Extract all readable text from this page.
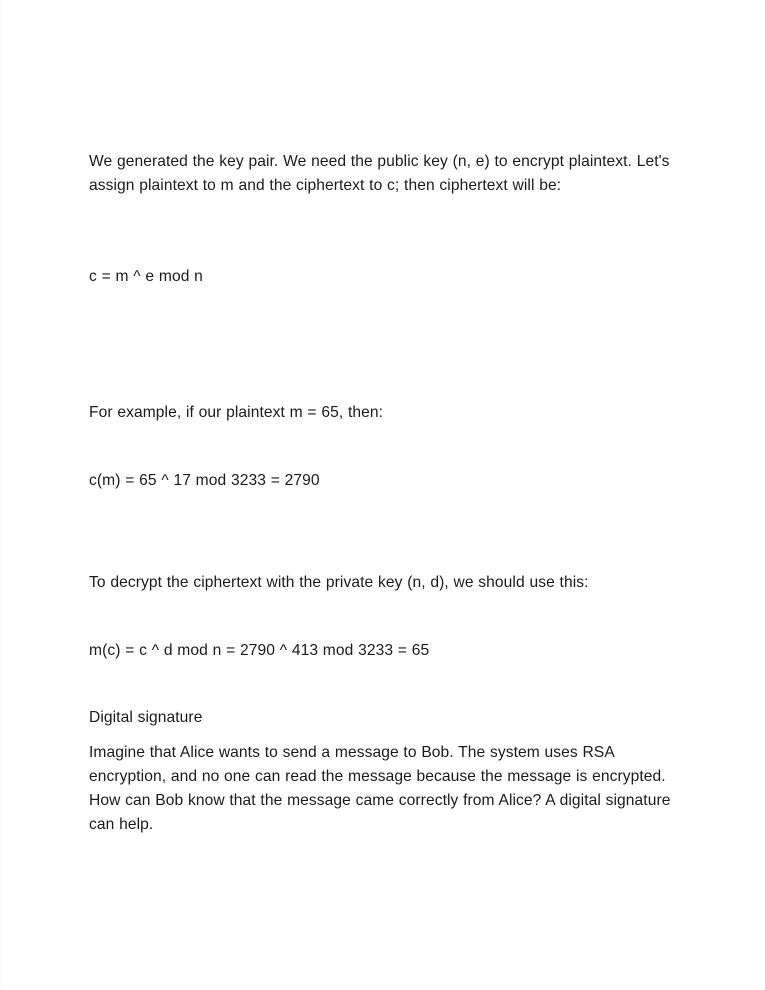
We generated the key pair. We need the public key (n, e) to encrypt plaintext. Let's assign plaintext to m and the ciphertext to c; then ciphertext will be:

c = m ^ e mod n

For example, if our plaintext m = 65, then:

c(m) = 65 ^ 17 mod 3233 = 2790

To decrypt the ciphertext with the private key (n, d), we should use this:

m(c) = c ^ d mod n = 2790 ^ 413 mod 3233 = 65

Digital signature

Imagine that Alice wants to send a message to Bob. The system uses RSA encryption, and no one can read the message because the message is encrypted. How can Bob know that the message came correctly from Alice? A digital signature can help.
